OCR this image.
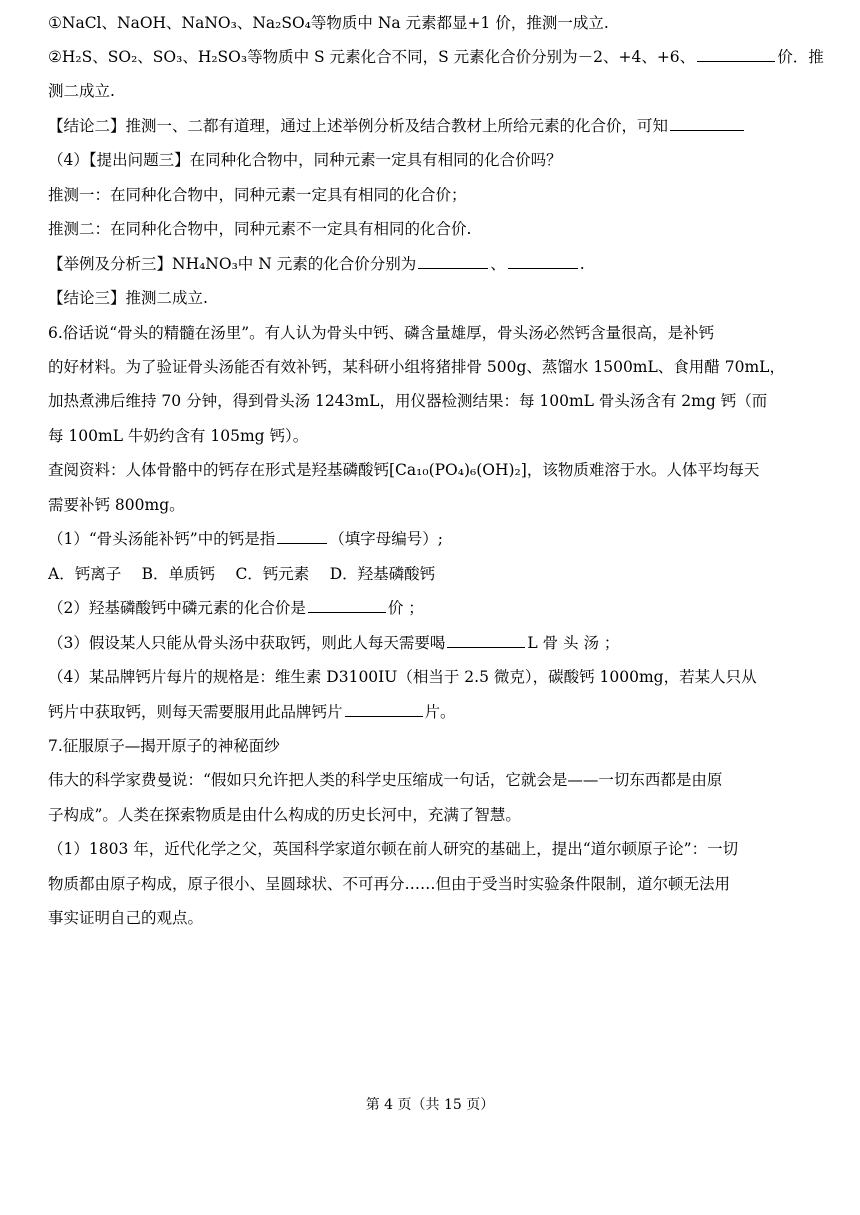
①NaCl、NaOH、NaNO₃、Na₂SO₄等物质中 Na 元素都显+1 价，推测一成立.
②H₂S、SO₂、SO₃、H₂SO₃等物质中 S 元素化合不同，S 元素化合价分别为－2、+4、+6、	价．推
测二成立.
【结论二】推测一、二都有道理，通过上述举例分析及结合教材上所给元素的化合价，可知
（4）【提出问题三】在同种化合物中，同种元素一定具有相同的化合价吗？
推测一：在同种化合物中，同种元素一定具有相同的化合价；
推测二：在同种化合物中，同种元素不一定具有相同的化合价.
【举例及分析三】NH₄NO₃中 N 元素的化合价分别为	、	.
【结论三】推测二成立.
6.俗话说“骨头的精髓在汤里”。有人认为骨头中钙、磷含量雄厚，骨头汤必然钙含量很高，是补钙
的好材料。为了验证骨头汤能否有效补钙，某科研小组将猪排骨 500g、蒸馏水 1500mL、食用醋 70mL，
加热煮沸后维持 70 分钟，得到骨头汤 1243mL，用仪器检测结果：每 100mL 骨头汤含有 2mg 钙（而
每 100mL 牛奶约含有 105mg 钙）。
查阅资料：人体骨骼中的钙存在形式是羟基磷酸钙[Ca₁₀(PO₄)₆(OH)₂]，该物质难溶于水。人体平均每天
需要补钙 800mg。
（1）“骨头汤能补钙”中的钙是指	（填字母编号）;
A．钙离子　 B．单质钙　 C．钙元素　 D．羟基磷酸钙
（2）羟基磷酸钙中磷元素的化合价是	价 ；
（3）假设某人只能从骨头汤中获取钙，则此人每天需要喝	L 骨 头 汤 ；
（4）某品牌钙片每片的规格是：维生素 D3100IU（相当于 2.5 微克），碳酸钙 1000mg，若某人只从
钙片中获取钙，则每天需要服用此品牌钙片	片。
7.征服原子—揭开原子的神秘面纱
伟大的科学家费曼说：“假如只允许把人类的科学史压缩成一句话，它就会是——一切东西都是由原
子构成”。人类在探索物质是由什么构成的历史长河中，充满了智慧。
（1）1803 年，近代化学之父，英国科学家道尔顿在前人研究的基础上，提出“道尔顿原子论”：一切
物质都由原子构成，原子很小、呈圆球状、不可再分……但由于受当时实验条件限制，道尔顿无法用
事实证明自己的观点。
第 4 页（共 15 页）
